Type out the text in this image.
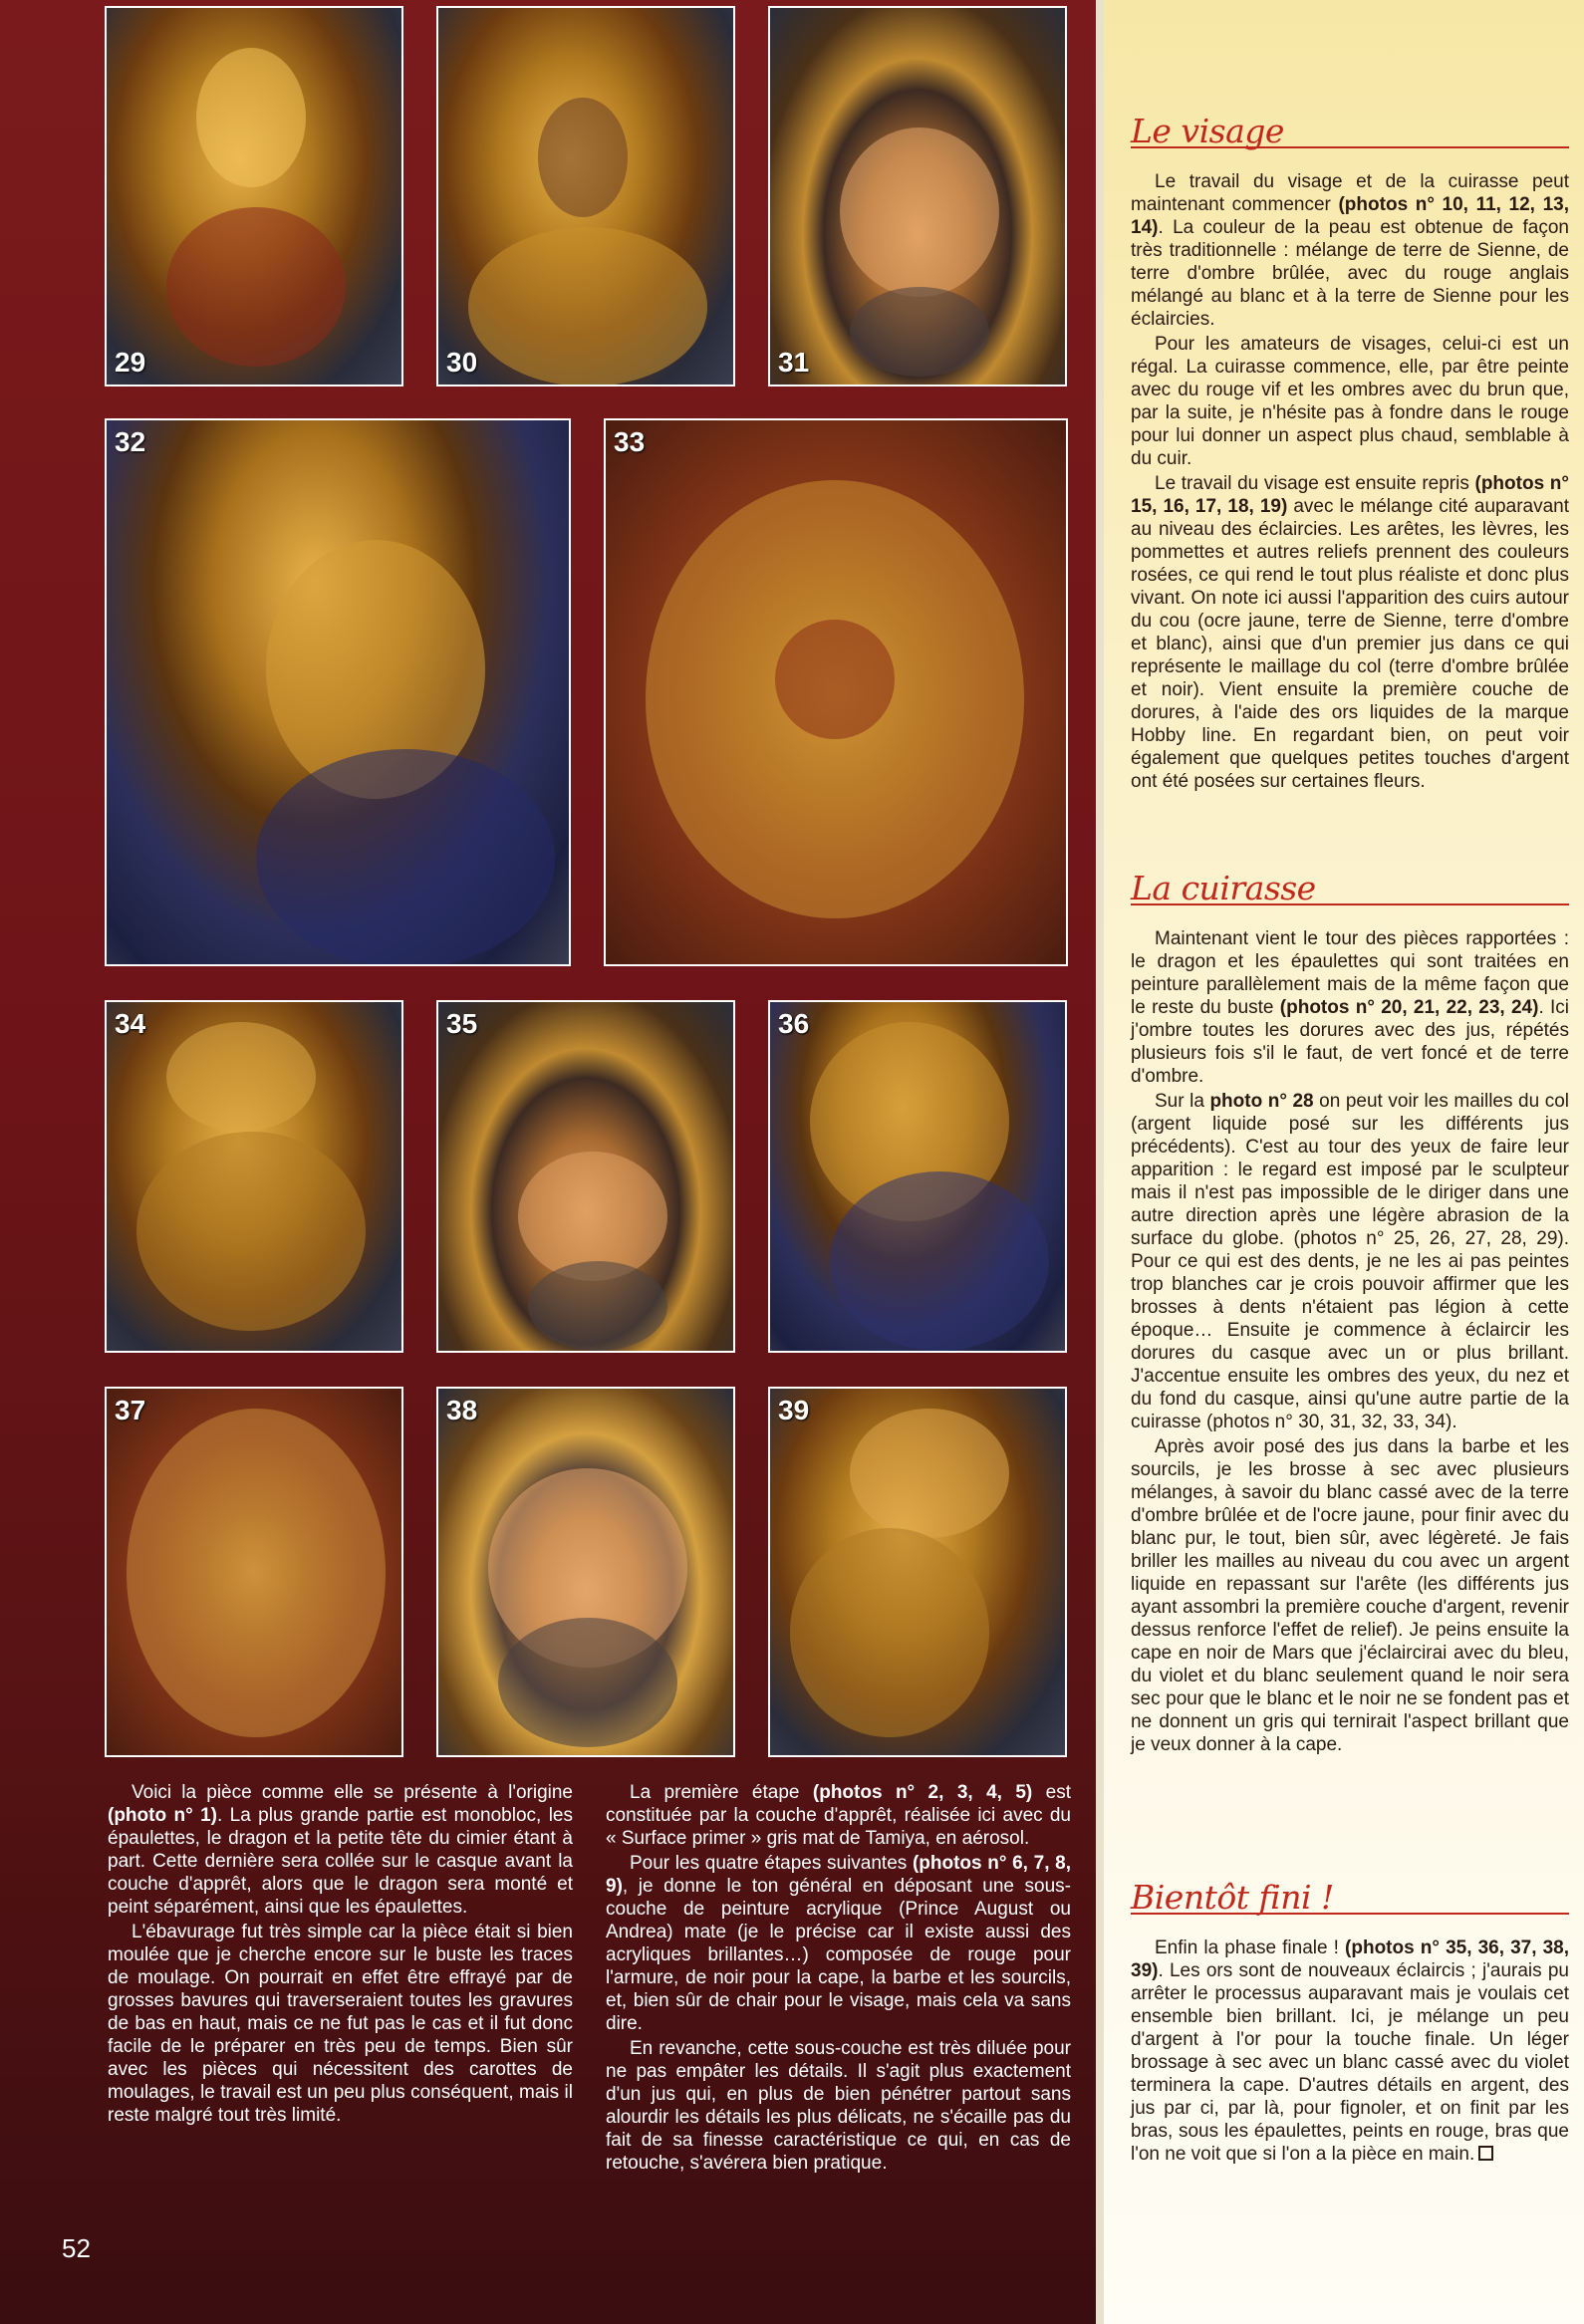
29	30	31
32	33
34	35	36
37	38	39

Voici la pièce comme elle se présente à l'origine (photo n° 1). La plus grande partie est monobloc, les épaulettes, le dragon et la petite tête du cimier étant à part. Cette dernière sera collée sur le casque avant la couche d'apprêt, alors que le dragon sera monté et peint séparément, ainsi que les épaulettes.

L'ébavurage fut très simple car la pièce était si bien moulée que je cherche encore sur le buste les traces de moulage. On pourrait en effet être effrayé par de grosses bavures qui traverseraient toutes les gravures de bas en haut, mais ce ne fut pas le cas et il fut donc facile de le préparer en très peu de temps. Bien sûr avec les pièces qui nécessitent des carottes de moulages, le travail est un peu plus conséquent, mais il reste malgré tout très limité.

La première étape (photos n° 2, 3, 4, 5) est constituée par la couche d'apprêt, réalisée ici avec du « Surface primer » gris mat de Tamiya, en aérosol.

Pour les quatre étapes suivantes (photos n° 6, 7, 8, 9), je donne le ton général en déposant une sous-couche de peinture acrylique (Prince August ou Andrea) mate (je le précise car il existe aussi des acryliques brillantes…) composée de rouge pour l'armure, de noir pour la cape, la barbe et les sourcils, et, bien sûr de chair pour le visage, mais cela va sans dire.

En revanche, cette sous-couche est très diluée pour ne pas empâter les détails. Il s'agit plus exactement d'un jus qui, en plus de bien pénétrer partout sans alourdir les détails les plus délicats, ne s'écaille pas du fait de sa finesse caractéristique ce qui, en cas de retouche, s'avérera bien pratique.

52
Le visage

Le travail du visage et de la cuirasse peut maintenant commencer (photos n° 10, 11, 12, 13, 14). La couleur de la peau est obtenue de façon très traditionnelle : mélange de terre de Sienne, de terre d'ombre brûlée, avec du rouge anglais mélangé au blanc et à la terre de Sienne pour les éclaircies.

Pour les amateurs de visages, celui-ci est un régal. La cuirasse commence, elle, par être peinte avec du rouge vif et les ombres avec du brun que, par la suite, je n'hésite pas à fondre dans le rouge pour lui donner un aspect plus chaud, semblable à du cuir.

Le travail du visage est ensuite repris (photos n° 15, 16, 17, 18, 19) avec le mélange cité auparavant au niveau des éclaircies. Les arêtes, les lèvres, les pommettes et autres reliefs prennent des couleurs rosées, ce qui rend le tout plus réaliste et donc plus vivant. On note ici aussi l'apparition des cuirs autour du cou (ocre jaune, terre de Sienne, terre d'ombre et blanc), ainsi que d'un premier jus dans ce qui représente le maillage du col (terre d'ombre brûlée et noir). Vient ensuite la première couche de dorures, à l'aide des ors liquides de la marque Hobby line. En regardant bien, on peut voir également que quelques petites touches d'argent ont été posées sur certaines fleurs.

La cuirasse

Maintenant vient le tour des pièces rapportées : le dragon et les épaulettes qui sont traitées en peinture parallèlement mais de la même façon que le reste du buste (photos n° 20, 21, 22, 23, 24). Ici j'ombre toutes les dorures avec des jus, répétés plusieurs fois s'il le faut, de vert foncé et de terre d'ombre.

Sur la photo n° 28 on peut voir les mailles du col (argent liquide posé sur les différents jus précédents). C'est au tour des yeux de faire leur apparition : le regard est imposé par le sculpteur mais il n'est pas impossible de le diriger dans une autre direction après une légère abrasion de la surface du globe. (photos n° 25, 26, 27, 28, 29). Pour ce qui est des dents, je ne les ai pas peintes trop blanches car je crois pouvoir affirmer que les brosses à dents n'étaient pas légion à cette époque… Ensuite je commence à éclaircir les dorures du casque avec un or plus brillant. J'accentue ensuite les ombres des yeux, du nez et du fond du casque, ainsi qu'une autre partie de la cuirasse (photos n° 30, 31, 32, 33, 34).

Après avoir posé des jus dans la barbe et les sourcils, je les brosse à sec avec plusieurs mélanges, à savoir du blanc cassé avec de la terre d'ombre brûlée et de l'ocre jaune, pour finir avec du blanc pur, le tout, bien sûr, avec légèreté. Je fais briller les mailles au niveau du cou avec un argent liquide en repassant sur l'arête (les différents jus ayant assombri la première couche d'argent, revenir dessus renforce l'effet de relief). Je peins ensuite la cape en noir de Mars que j'éclaircirai avec du bleu, du violet et du blanc seulement quand le noir sera sec pour que le blanc et le noir ne se fondent pas et ne donnent un gris qui ternirait l'aspect brillant que je veux donner à la cape.

Bientôt fini !

Enfin la phase finale ! (photos n° 35, 36, 37, 38, 39). Les ors sont de nouveaux éclaircis ; j'aurais pu arrêter le processus auparavant mais je voulais cet ensemble bien brillant. Ici, je mélange un peu d'argent à l'or pour la touche finale. Un léger brossage à sec avec un blanc cassé avec du violet terminera la cape. D'autres détails en argent, des jus par ci, par là, pour fignoler, et on finit par les bras, sous les épaulettes, peints en rouge, bras que l'on ne voit que si l'on a la pièce en main.
